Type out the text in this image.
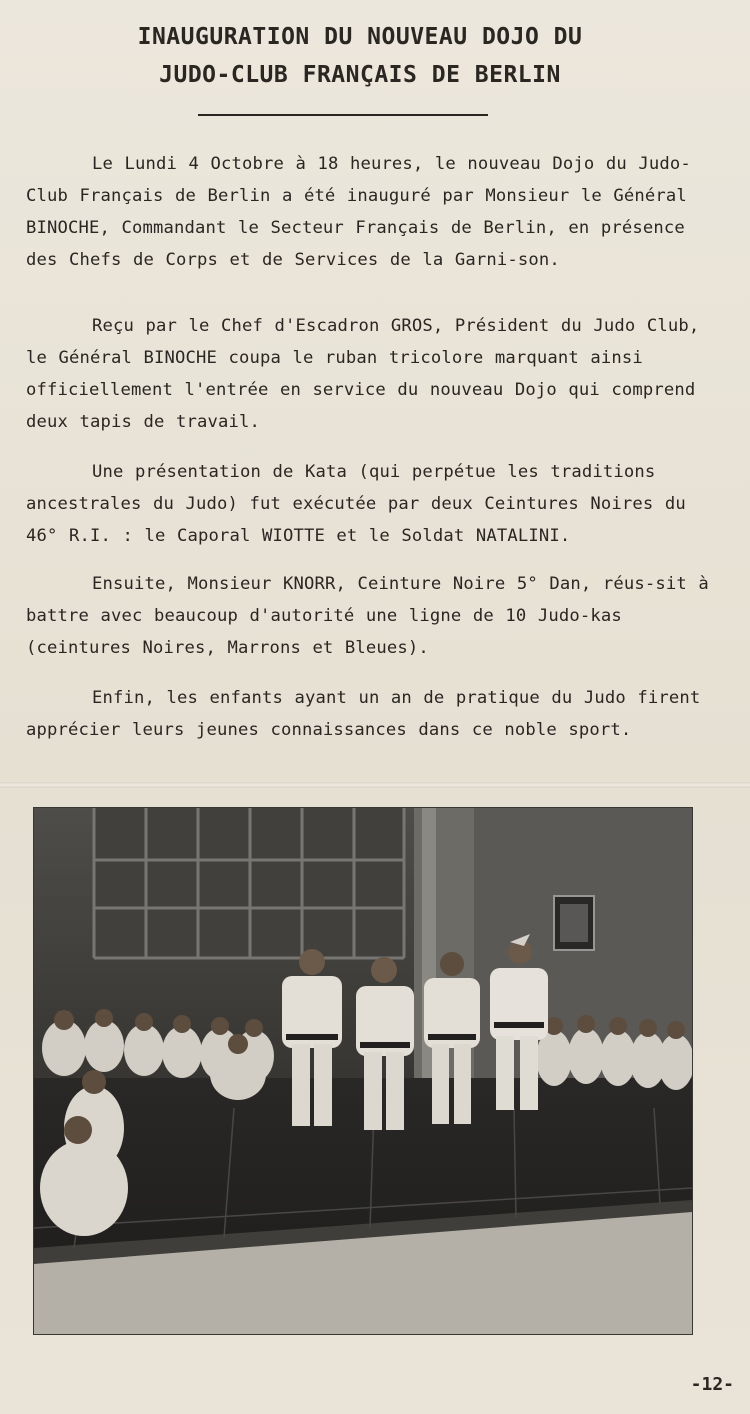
INAUGURATION DU NOUVEAU DOJO DU
JUDO-CLUB FRANÇAIS DE BERLIN

Le Lundi 4 Octobre à 18 heures, le nouveau Dojo du Judo-Club Français de Berlin a été inauguré par Monsieur le Général BINOCHE, Commandant le Secteur Français de Berlin, en présence des Chefs de Corps et de Services de la Garni-son.

Reçu par le Chef d'Escadron GROS, Président du Judo Club, le Général BINOCHE coupa le ruban tricolore marquant ainsi officiellement l'entrée en service du nouveau Dojo qui comprend deux tapis de travail.

Une présentation de Kata (qui perpétue les traditions ancestrales du Judo) fut exécutée par deux Ceintures Noires du 46° R.I. : le Caporal WIOTTE et le Soldat NATALINI.

Ensuite, Monsieur KNORR, Ceinture Noire 5° Dan, réus-sit à battre avec beaucoup d'autorité une ligne de 10 Judo-kas (ceintures Noires, Marrons et Bleues).

Enfin, les enfants ayant un an de pratique du Judo firent apprécier leurs jeunes connaissances dans ce noble sport.

-12-
